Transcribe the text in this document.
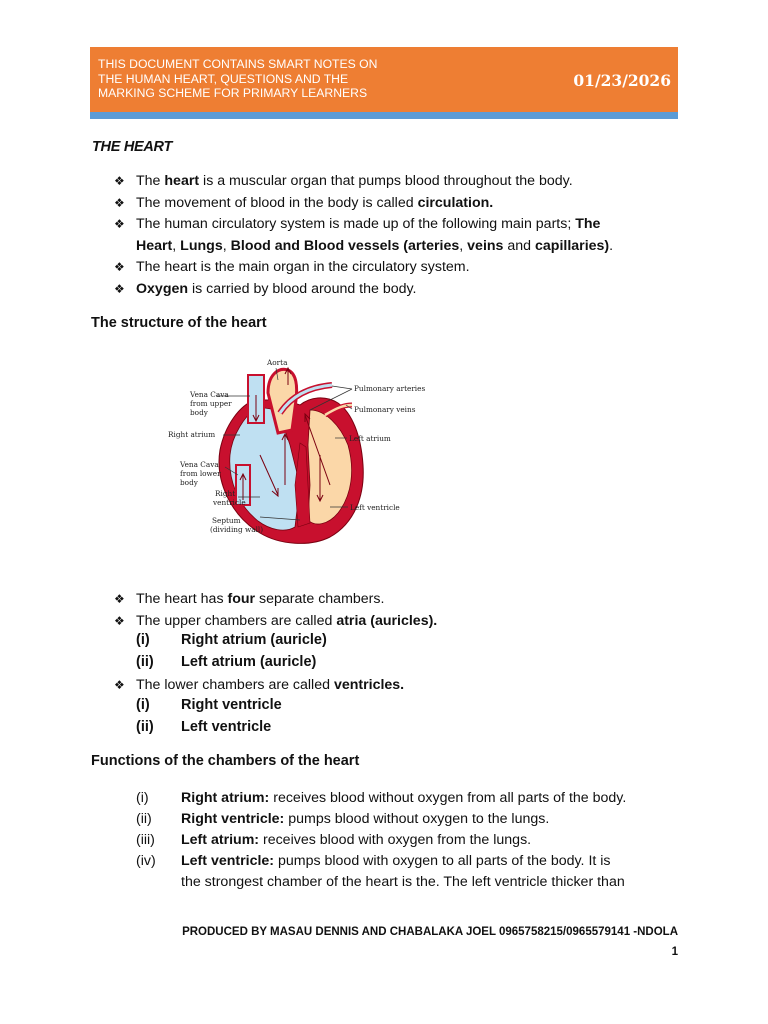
THIS DOCUMENT CONTAINS SMART NOTES ON
THE HUMAN HEART, QUESTIONS AND THE
MARKING SCHEME FOR PRIMARY LEARNERS
01/23/2026
THE HEART
❖ The heart is a muscular organ that pumps blood throughout the body.
❖ The movement of blood in the body is called circulation.
❖ The human circulatory system is made up of the following main parts; The
Heart, Lungs, Blood and Blood vessels (arteries, veins and capillaries).
❖ The heart is the main organ in the circulatory system.
❖ Oxygen is carried by blood around the body.
The structure of the heart
Aorta
Pulmonary arteries
Pulmonary veins
Vena Cava
from upper
body
Right atrium	Left atrium
Vena Cava
from lower
body
Right
ventricle
Left ventricle
Septum
(dividing wall)
❖ The heart has four separate chambers.
❖ The upper chambers are called atria (auricles).
(i) Right atrium (auricle)
(ii) Left atrium (auricle)
❖ The lower chambers are called ventricles.
(i) Right ventricle
(ii) Left ventricle
Functions of the chambers of the heart
(i) Right atrium: receives blood without oxygen from all parts of the body.
(ii) Right ventricle: pumps blood without oxygen to the lungs.
(iii) Left atrium: receives blood with oxygen from the lungs.
(iv) Left ventricle: pumps blood with oxygen to all parts of the body. It is
the strongest chamber of the heart is the. The left ventricle thicker than
PRODUCED BY MASAU DENNIS AND CHABALAKA JOEL 0965758215/0965579141 -NDOLA
1
